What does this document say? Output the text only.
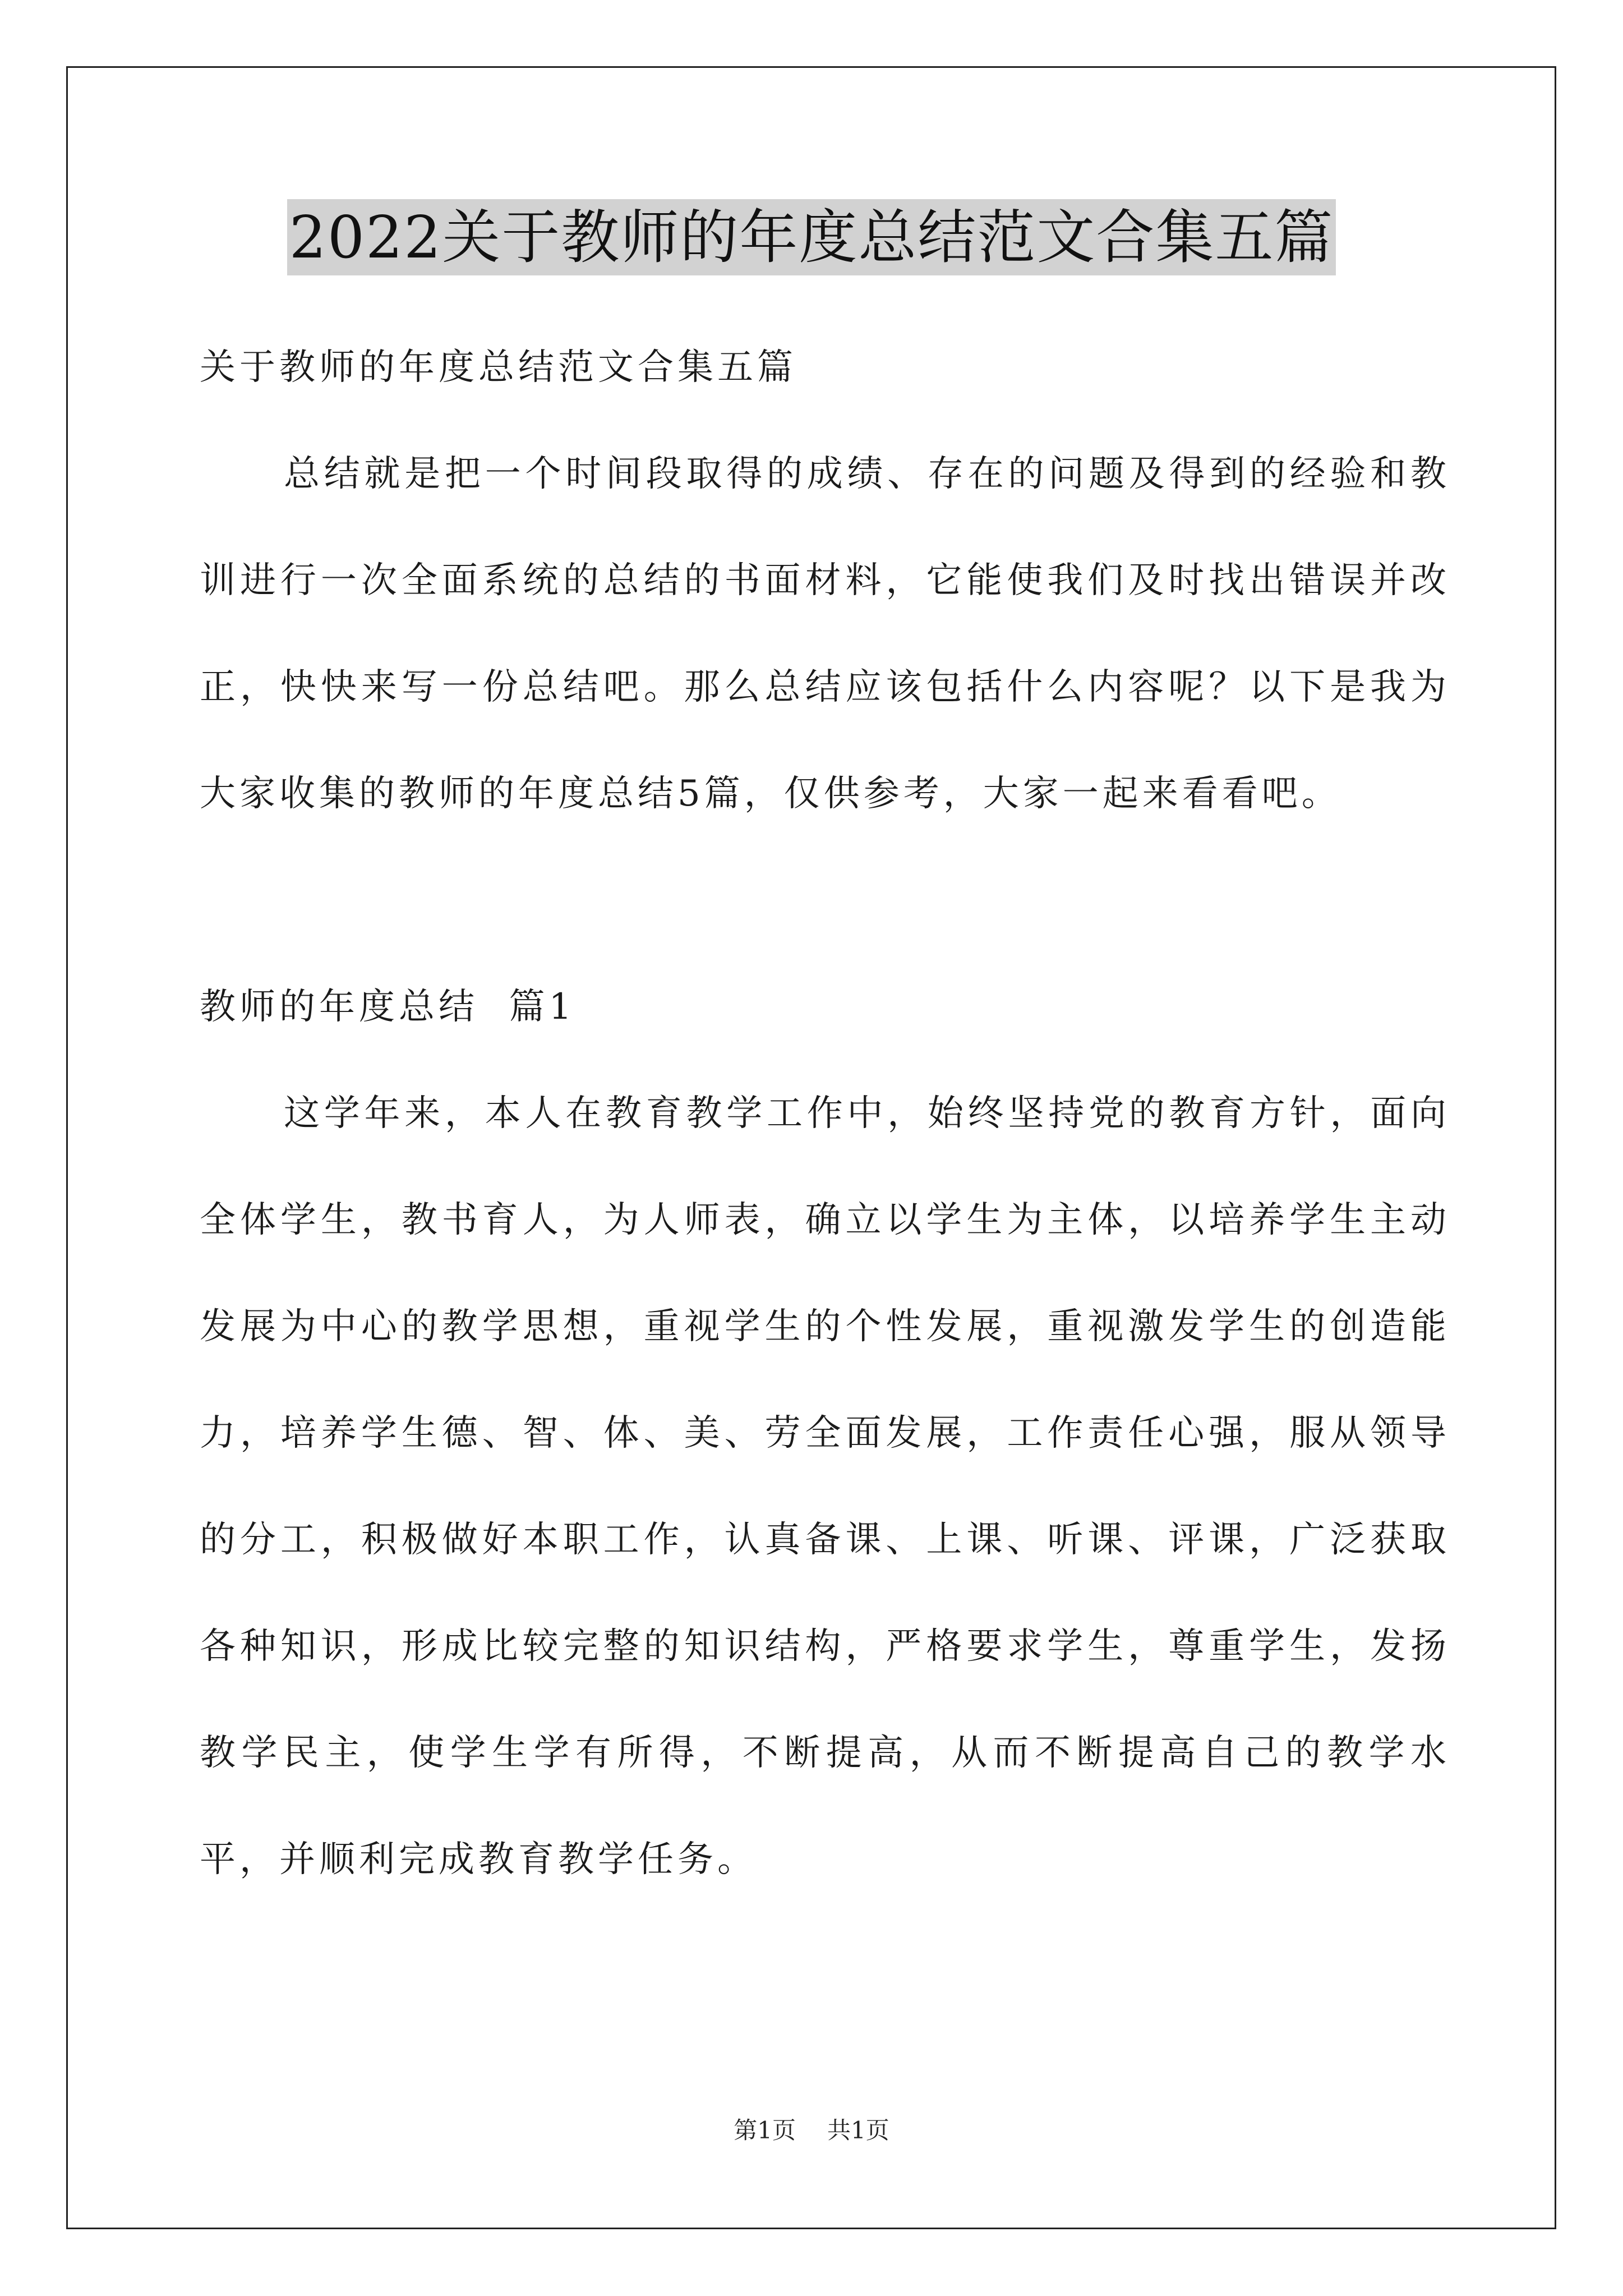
2022关于教师的年度总结范文合集五篇

关于教师的年度总结范文合集五篇

总结就是把一个时间段取得的成绩、存在的问题及得到的经验和教训进行一次全面系统的总结的书面材料，它能使我们及时找出错误并改正，快快来写一份总结吧。那么总结应该包括什么内容呢？以下是我为大家收集的教师的年度总结5篇，仅供参考，大家一起来看看吧。

教师的年度总结  篇1

这学年来，本人在教育教学工作中，始终坚持党的教育方针，面向全体学生，教书育人，为人师表，确立以学生为主体，以培养学生主动发展为中心的教学思想，重视学生的个性发展，重视激发学生的创造能力，培养学生德、智、体、美、劳全面发展，工作责任心强，服从领导的分工，积极做好本职工作，认真备课、上课、听课、评课，广泛获取各种知识，形成比较完整的知识结构，严格要求学生，尊重学生，发扬教学民主，使学生学有所得，不断提高，从而不断提高自己的教学水平，并顺利完成教育教学任务。

第1页 共1页
